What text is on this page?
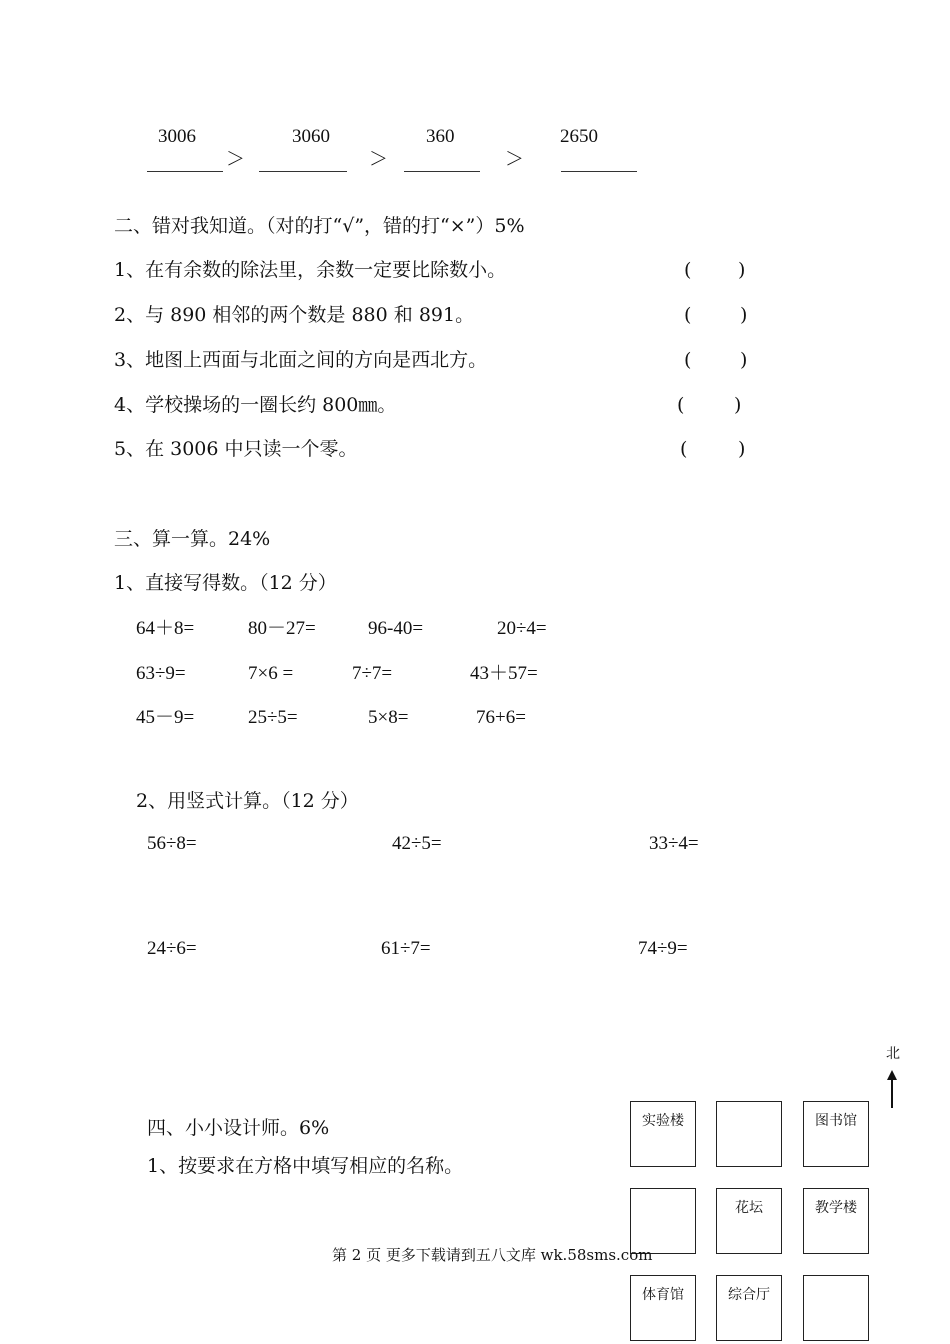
3006	3060	360	2650
＞	＞	＞
二、错对我知道。（对的打“√”，错的打“×”）5%
1、在有余数的除法里，余数一定要比除数小。	( )
2、与 890 相邻的两个数是 880 和 891。	(	)
3、地图上西面与北面之间的方向是西北方。	(	)
4、学校操场的一圈长约 800㎜。	(	)
5、在 3006 中只读一个零。	(	)
三、算一算。24%
1、直接写得数。（12 分）
64＋8=	80－27=	96-40=	20÷4=
63÷9=	7×6 =	7÷7=	43＋57=
45－9=	25÷5=	5×8=	76+6=
2、用竖式计算。（12 分）
56÷8=	42÷5=	33÷4=
24÷6=	61÷7=	74÷9=
四、小小设计师。6%
1、按要求在方格中填写相应的名称。
北
实验楼	图书馆
花坛	教学楼
体育馆	综合厅
第 2 页 更多下载请到五八文库 wk.58sms.com
